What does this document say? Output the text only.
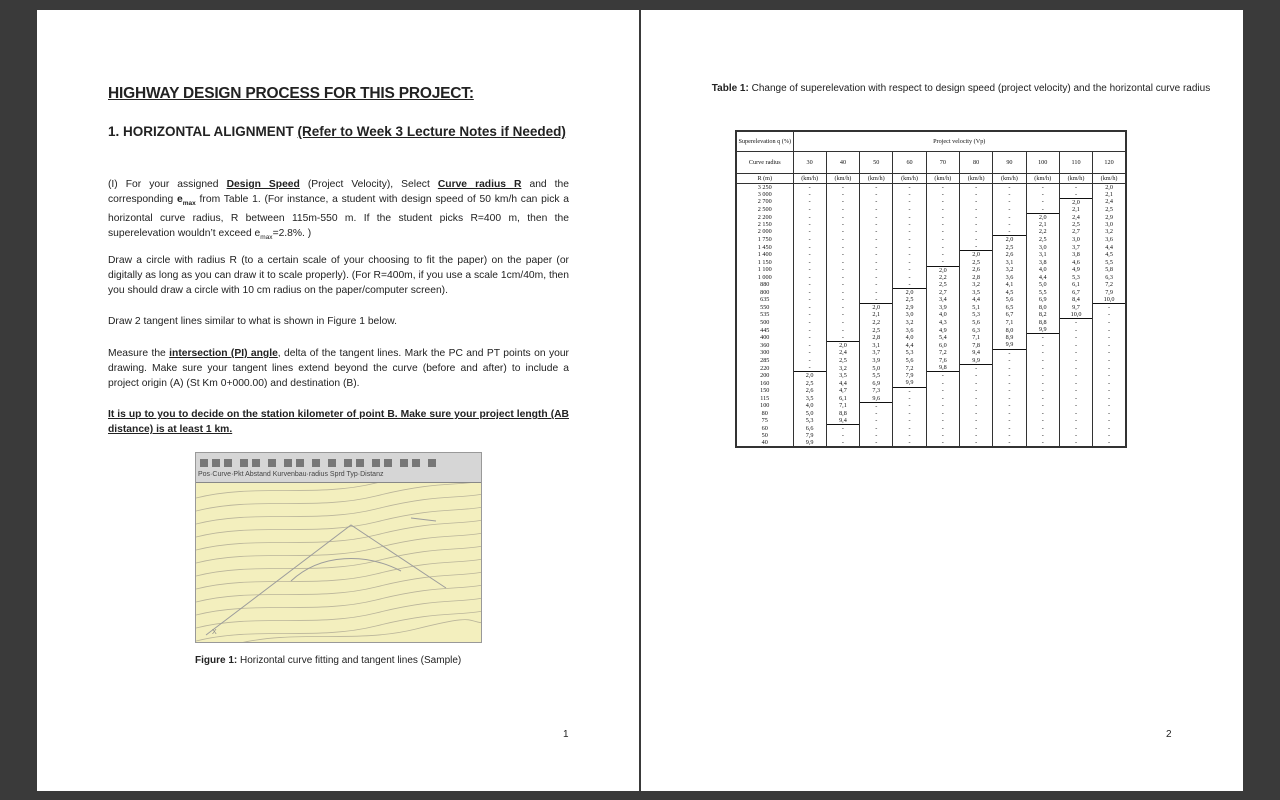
HIGHWAY DESIGN PROCESS FOR THIS PROJECT:
1. HORIZONTAL ALIGNMENT (Refer to Week 3 Lecture Notes if Needed)
(I) For your assigned Design Speed (Project Velocity), Select Curve radius R and the corresponding $e_{max}$ from Table 1. (For instance, a student with design speed of 50 km/h can pick a horizontal curve radius, R between 115m-550 m. If the student picks R=400 m, then the superelevation wouldn’t exceed $e_{max}=2.8\%$. )
Draw a circle with radius R (to a certain scale of your choosing to fit the paper) on the paper (or digitally as long as you can draw it to scale properly). (For R=400m, if you use a scale 1cm/40m, then you should draw a circle with 10 cm radius on the paper/computer screen).
Draw 2 tangent lines similar to what is shown in Figure 1 below.
Measure the intersection (PI) angle, delta of the tangent lines. Mark the PC and PT points on your drawing. Make sure your tangent lines extend beyond the curve (before and after) to include a project origin (A) (St Km 0+000.00) and destination (B).
It is up to you to decide on the station kilometer of point B. Make sure your project length (AB distance) is at least 1 km.
Pos·Curve·Pkt Abstand Kurvenbau·radius Sprd Typ·Distanz
X
Figure 1: Horizontal curve fitting and tangent lines (Sample)
1
Table 1: Change of superelevation with respect to design speed (project velocity) and the horizontal curve radius
Superelevation q (%)	Project velocity (Vp)									
Curve radius	30	40	50	60	70	80	90	100	110	120
R (m)	(km/h)	(km/h)	(km/h)	(km/h)	(km/h)	(km/h)	(km/h)	(km/h)	(km/h)	(km/h)
3 250	-	-	-	-	-	-	-	-	-	2,0
3 000	-	-	-	-	-	-	-	-	-	2,1
2 700	-	-	-	-	-	-	-	-	2,0	2,4
2 500	-	-	-	-	-	-	-	-	2,1	2,5
2 200	-	-	-	-	-	-	-	2,0	2,4	2,9
2 150	-	-	-	-	-	-	-	2,1	2,5	3,0
2 000	-	-	-	-	-	-	-	2,2	2,7	3,2
1 750	-	-	-	-	-	-	2,0	2,5	3,0	3,6
1 450	-	-	-	-	-	-	2,5	3,0	3,7	4,4
1 400	-	-	-	-	-	2,0	2,6	3,1	3,8	4,5
1 150	-	-	-	-	-	2,5	3,1	3,8	4,6	5,5
1 100	-	-	-	-	2,0	2,6	3,2	4,0	4,9	5,8
1 000	-	-	-	-	2,2	2,8	3,6	4,4	5,3	6,3
880	-	-	-	-	2,5	3,2	4,1	5,0	6,1	7,2
800	-	-	-	2,0	2,7	3,5	4,5	5,5	6,7	7,9
635	-	-	-	2,5	3,4	4,4	5,6	6,9	8,4	10,0
550	-	-	2,0	2,9	3,9	5,1	6,5	8,0	9,7	-
535	-	-	2,1	3,0	4,0	5,3	6,7	8,2	10,0	-
500	-	-	2,2	3,2	4,3	5,6	7,1	8,8	-	-
445	-	-	2,5	3,6	4,9	6,3	8,0	9,9	-	-
400	-	-	2,8	4,0	5,4	7,1	8,9	-	-	-
360	-	2,0	3,1	4,4	6,0	7,8	9,9	-	-	-
300	-	2,4	3,7	5,3	7,2	9,4	-	-	-	-
285	-	2,5	3,9	5,6	7,6	9,9	-	-	-	-
220	-	3,2	5,0	7,2	9,8	-	-	-	-	-
200	2,0	3,5	5,5	7,9	-	-	-	-	-	-
160	2,5	4,4	6,9	9,9	-	-	-	-	-	-
150	2,6	4,7	7,3	-	-	-	-	-	-	-
115	3,5	6,1	9,6	-	-	-	-	-	-	-
100	4,0	7,1	-	-	-	-	-	-	-	-
80	5,0	8,8	-	-	-	-	-	-	-	-
75	5,3	9,4	-	-	-	-	-	-	-	-
60	6,6	-	-	-	-	-	-	-	-	-
50	7,9	-	-	-	-	-	-	-	-	-
40	9,9	-	-	-	-	-	-	-	-	-
2
